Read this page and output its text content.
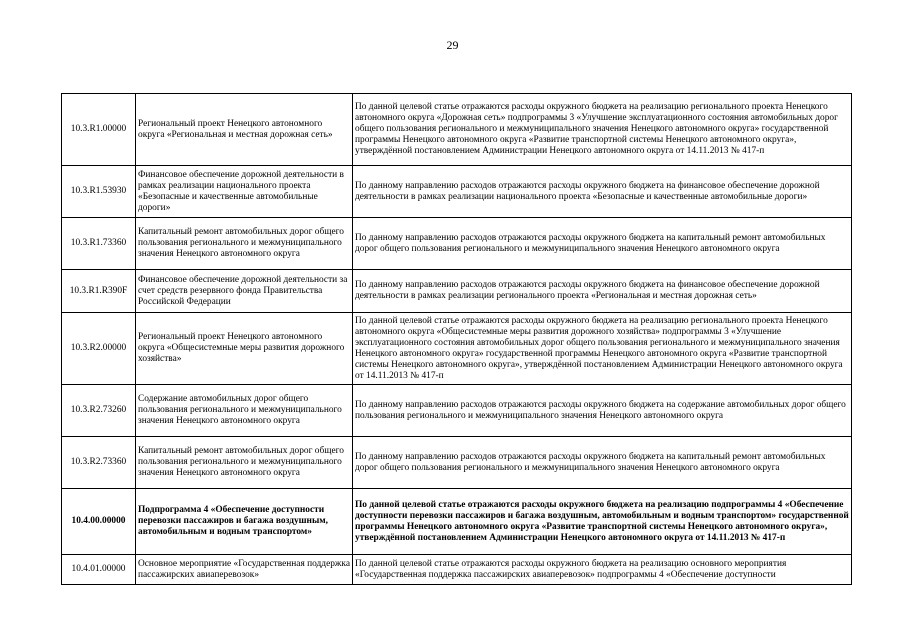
29
10.3.R1.00000	Региональный проект Ненецкого автономного округа «Региональная и местная дорожная сеть»	По данной целевой статье отражаются расходы окружного бюджета на реализацию регионального проекта Ненецкого автономного округа «Дорожная сеть» подпрограммы 3 «Улучшение эксплуатационного состояния автомобильных дорог общего пользования регионального и межмуниципального значения Ненецкого автономного округа» государственной программы Ненецкого автономного округа «Развитие транспортной системы Ненецкого автономного округа», утверждённой постановлением Администрации Ненецкого автономного округа от 14.11.2013 № 417-п
10.3.R1.53930	Финансовое обеспечение дорожной деятельности в рамках реализации национального проекта «Безопасные и качественные автомобильные дороги»	По данному направлению расходов отражаются расходы окружного бюджета на финансовое обеспечение дорожной деятельности в рамках реализации национального проекта «Безопасные и качественные автомобильные дороги»
10.3.R1.73360	Капитальный ремонт автомобильных дорог общего пользования регионального и межмуниципального значения Ненецкого автономного округа	По данному направлению расходов отражаются расходы окружного бюджета на капитальный ремонт автомобильных дорог общего пользования регионального и межмуниципального значения Ненецкого автономного округа
10.3.R1.R390F	Финансовое обеспечение дорожной деятельности за счет средств резервного фонда Правительства Российской Федерации	По данному направлению расходов отражаются расходы окружного бюджета на финансовое обеспечение дорожной деятельности в рамках реализации регионального проекта «Региональная и местная дорожная сеть»
10.3.R2.00000	Региональный проект Ненецкого автономного округа «Общесистемные меры развития дорожного хозяйства»	По данной целевой статье отражаются расходы окружного бюджета на реализацию регионального проекта Ненецкого автономного округа «Общесистемные меры развития дорожного хозяйства» подпрограммы 3 «Улучшение эксплуатационного состояния автомобильных дорог общего пользования регионального и межмуниципального значения Ненецкого автономного округа» государственной программы Ненецкого автономного округа «Развитие транспортной системы Ненецкого автономного округа», утверждённой постановлением Администрации Ненецкого автономного округа от 14.11.2013 № 417-п
10.3.R2.73260	Содержание автомобильных дорог общего пользования регионального и межмуниципального значения Ненецкого автономного округа	По данному направлению расходов отражаются расходы окружного бюджета на содержание автомобильных дорог общего пользования регионального и межмуниципального значения Ненецкого автономного округа
10.3.R2.73360	Капитальный ремонт автомобильных дорог общего пользования регионального и межмуниципального значения Ненецкого автономного округа	По данному направлению расходов отражаются расходы окружного бюджета на капитальный ремонт автомобильных дорог общего пользования регионального и межмуниципального значения Ненецкого автономного округа
10.4.00.00000	Подпрограмма 4 «Обеспечение доступности перевозки пассажиров и багажа воздушным, автомобильным и водным транспортом»	По данной целевой статье отражаются расходы окружного бюджета на реализацию подпрограммы 4 «Обеспечение доступности перевозки пассажиров и багажа воздушным, автомобильным и водным транспортом» государственной программы Ненецкого автономного округа «Развитие транспортной системы Ненецкого автономного округа», утверждённой постановлением Администрации Ненецкого автономного округа от 14.11.2013 № 417-п
10.4.01.00000	Основное мероприятие «Государственная поддержка пассажирских авиаперевозок»	По данной целевой статье отражаются расходы окружного бюджета на реализацию основного мероприятия «Государственная поддержка пассажирских авиаперевозок» подпрограммы 4 «Обеспечение доступности
